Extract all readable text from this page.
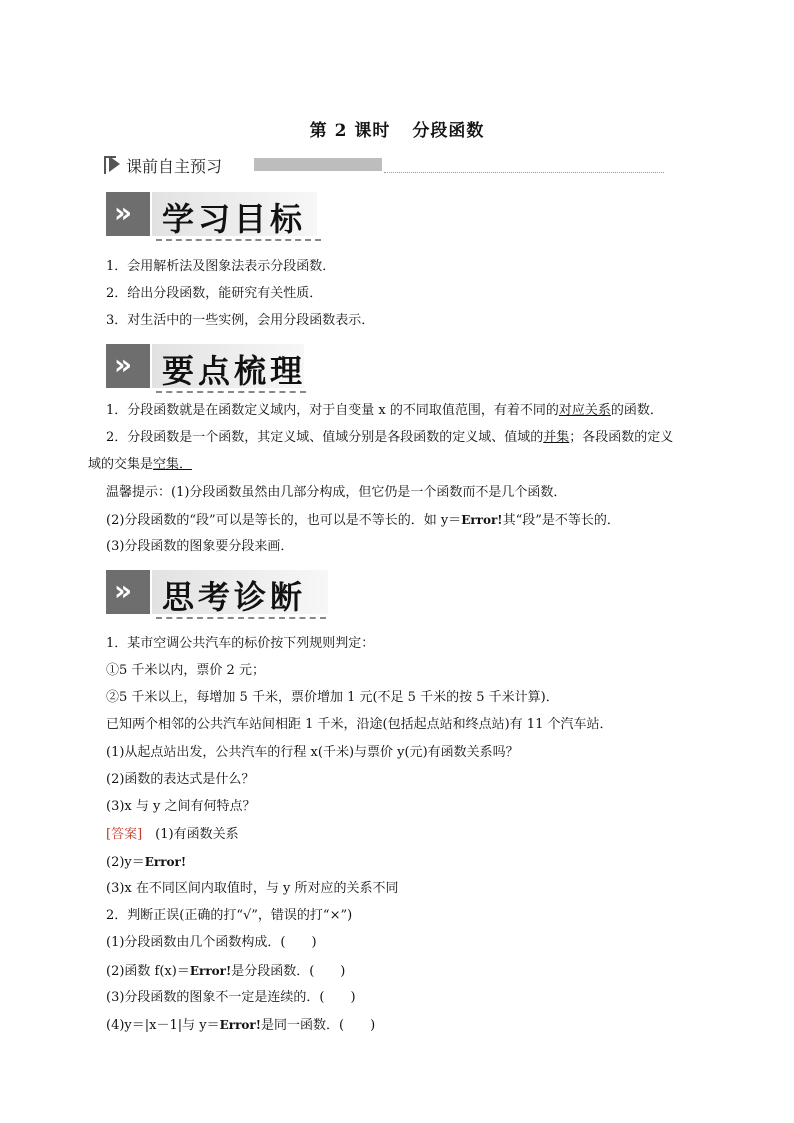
第 2 课时 分段函数
课前自主预习
» 学习目标
1．会用解析法及图象法表示分段函数．
2．给出分段函数，能研究有关性质．
3．对生活中的一些实例，会用分段函数表示．
» 要点梳理
1．分段函数就是在函数定义域内，对于自变量 x 的不同取值范围，有着不同的对应关系的函数．
2．分段函数是一个函数，其定义域、值域分别是各段函数的定义域、值域的并集；各段函数的定义
域的交集是空集．
温馨提示：(1)分段函数虽然由几部分构成，但它仍是一个函数而不是几个函数．
(2)分段函数的“段”可以是等长的，也可以是不等长的．如 y＝Error!其“段”是不等长的．
(3)分段函数的图象要分段来画．
» 思考诊断
1．某市空调公共汽车的标价按下列规则判定：
①5 千米以内，票价 2 元；
②5 千米以上，每增加 5 千米，票价增加 1 元(不足 5 千米的按 5 千米计算)．
已知两个相邻的公共汽车站间相距 1 千米，沿途(包括起点站和终点站)有 11 个汽车站．
(1)从起点站出发，公共汽车的行程 x(千米)与票价 y(元)有函数关系吗？
(2)函数的表达式是什么？
(3)x 与 y 之间有何特点？
[答案]　 (1)有函数关系
(2)y＝Error!
(3)x 在不同区间内取值时，与 y 所对应的关系不同
2．判断正误(正确的打“√”，错误的打“×”)
(1)分段函数由几个函数构成．(　　)
(2)函数 f(x)＝Error!是分段函数．(　　)
(3)分段函数的图象不一定是连续的．(　　)
(4)y＝|x－1|与 y＝Error!是同一函数．(　　)
